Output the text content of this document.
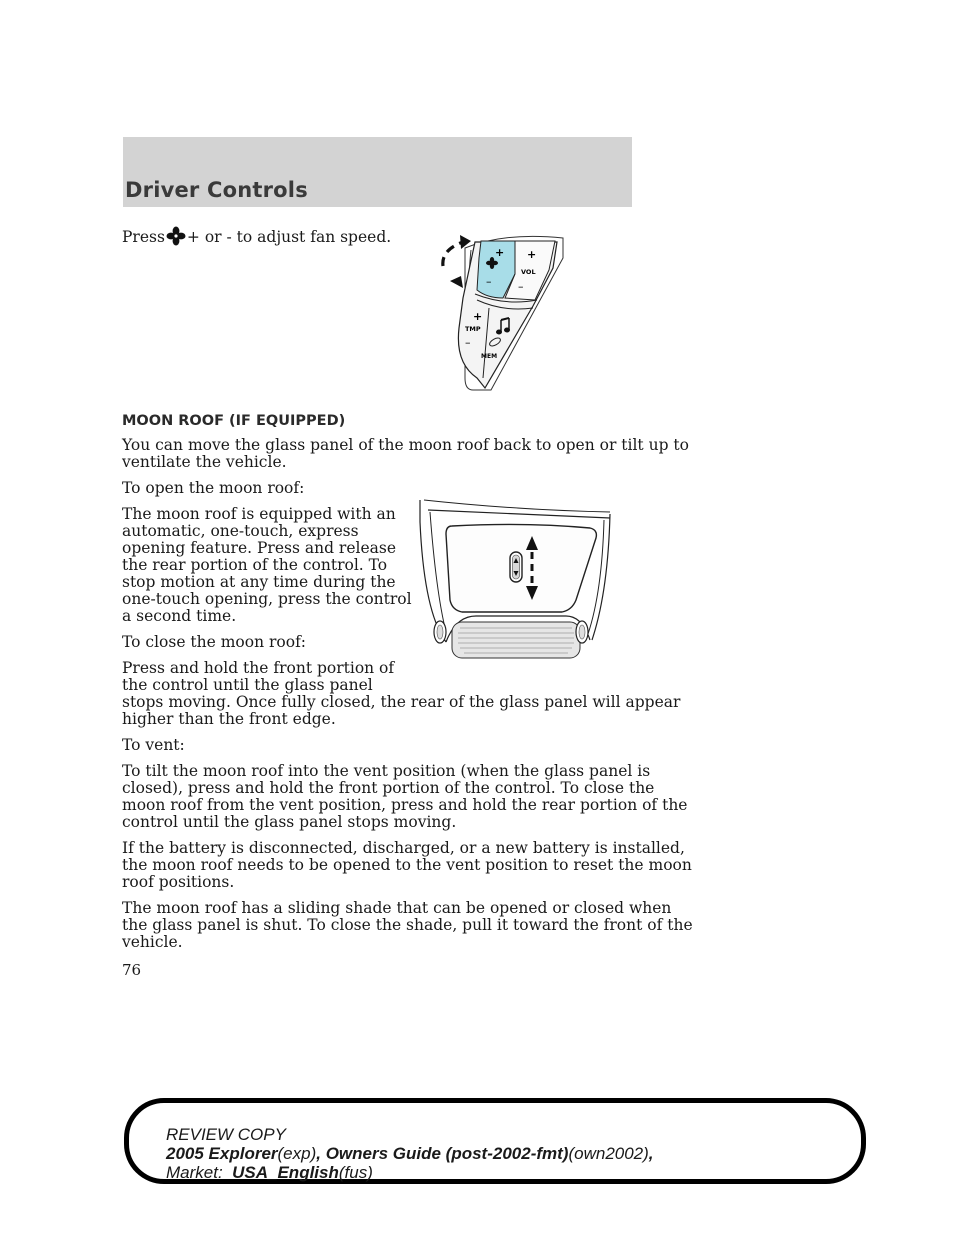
Driver Controls

Press + or - to adjust fan speed.

+
–
+
VOL
–
+
TMP
–
MEM
MOON ROOF (IF EQUIPPED)

You can move the glass panel of the moon roof back to open or tilt up to

ventilate the vehicle.

To open the moon roof:

The moon roof is equipped with an

automatic, one-touch, express

opening feature. Press and release

the rear portion of the control. To

stop motion at any time during the

one-touch opening, press the control

a second time.

To close the moon roof:

Press and hold the front portion of

the control until the glass panel

stops moving. Once fully closed, the rear of the glass panel will appear

higher than the front edge.

To vent:

To tilt the moon roof into the vent position (when the glass panel is

closed), press and hold the front portion of the control. To close the

moon roof from the vent position, press and hold the rear portion of the

control until the glass panel stops moving.

If the battery is disconnected, discharged, or a new battery is installed,

the moon roof needs to be opened to the vent position to reset the moon

roof positions.

The moon roof has a sliding shade that can be opened or closed when

the glass panel is shut. To close the shade, pull it toward the front of the

vehicle.

76
REVIEW COPY
2005 Explorer(exp), Owners Guide (post-2002-fmt)(own2002),
Market:  USA_English(fus)
